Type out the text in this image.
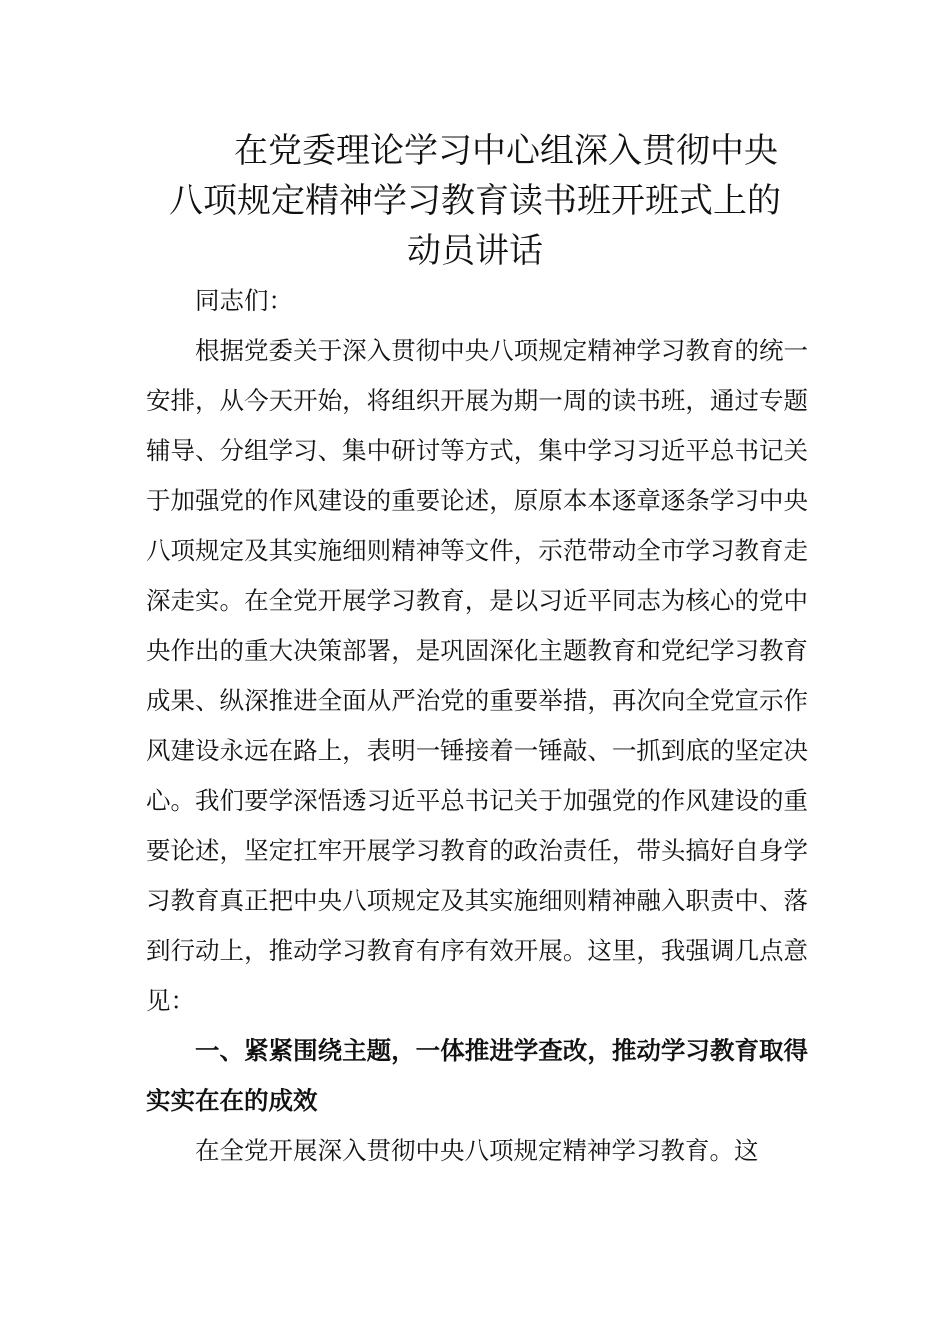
在党委理论学习中心组深入贯彻中央
八项规定精神学习教育读书班开班式上的
动员讲话

同志们：

根据党委关于深入贯彻中央八项规定精神学习教育的统一安排，从今天开始，将组织开展为期一周的读书班，通过专题辅导、分组学习、集中研讨等方式，集中学习习近平总书记关于加强党的作风建设的重要论述，原原本本逐章逐条学习中央八项规定及其实施细则精神等文件，示范带动全市学习教育走深走实。在全党开展学习教育，是以习近平同志为核心的党中央作出的重大决策部署，是巩固深化主题教育和党纪学习教育成果、纵深推进全面从严治党的重要举措，再次向全党宣示作风建设永远在路上，表明一锤接着一锤敲、一抓到底的坚定决心。我们要学深悟透习近平总书记关于加强党的作风建设的重要论述，坚定扛牢开展学习教育的政治责任，带头搞好自身学习教育真正把中央八项规定及其实施细则精神融入职责中、落到行动上，推动学习教育有序有效开展。这里，我强调几点意见：

一、紧紧围绕主题，一体推进学查改，推动学习教育取得实实在在的成效

在全党开展深入贯彻中央八项规定精神学习教育。这
